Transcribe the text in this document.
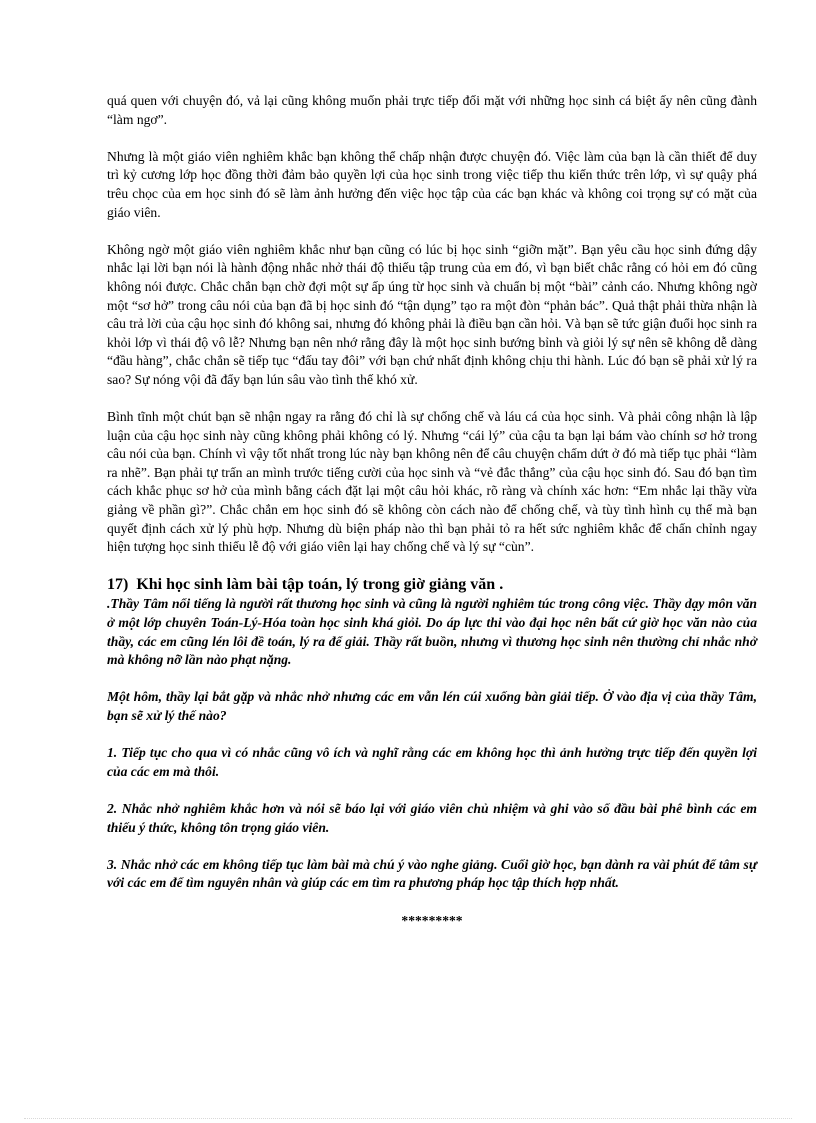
quá quen với chuyện đó, vả lại cũng không muốn phải trực tiếp đối mặt với những học sinh cá biệt ấy nên cũng đành “làm ngơ”.

Nhưng là một giáo viên nghiêm khắc bạn không thể chấp nhận được chuyện đó. Việc làm của bạn là cần thiết để duy trì kỷ cương lớp học đồng thời đảm bảo quyền lợi của học sinh trong việc tiếp thu kiến thức trên lớp, vì sự quậy phá trêu chọc của em học sinh đó sẽ làm ảnh hưởng đến việc học tập của các bạn khác và không coi trọng sự có mặt của giáo viên.

Không ngờ một giáo viên nghiêm khắc như bạn cũng có lúc bị học sinh “giỡn mặt”. Bạn yêu cầu học sinh đứng dậy nhắc lại lời bạn nói là hành động nhắc nhở thái độ thiếu tập trung của em đó, vì bạn biết chắc rằng có hỏi em đó cũng không nói được. Chắc chắn bạn chờ đợi một sự ấp úng từ học sinh và chuẩn bị một “bài” cảnh cáo. Nhưng không ngờ một “sơ hở” trong câu nói của bạn đã bị học sinh đó “tận dụng” tạo ra một đòn “phản bác”. Quả thật phải thừa nhận là câu trả lời của cậu học sinh đó không sai, nhưng đó không phải là điều bạn cần hỏi. Và bạn sẽ tức giận đuổi học sinh ra khỏi lớp vì thái độ vô lễ? Nhưng bạn nên nhớ rằng đây là một học sinh bướng bỉnh và giỏi lý sự nên sẽ không dễ dàng “đầu hàng”, chắc chắn sẽ tiếp tục “đấu tay đôi” với bạn chứ nhất định không chịu thi hành. Lúc đó bạn sẽ phải xử lý ra sao? Sự nóng vội đã đẩy bạn lún sâu vào tình thế khó xử.

Bình tĩnh một chút bạn sẽ nhận ngay ra rằng đó chỉ là sự chống chế và láu cá của học sinh. Và phải công nhận là lập luận của cậu học sinh này cũng không phải không có lý. Nhưng “cái lý” của cậu ta bạn lại bám vào chính sơ hở trong câu nói của bạn. Chính vì vậy tốt nhất trong lúc này bạn không nên để câu chuyện chấm dứt ở đó mà tiếp tục phải “làm ra nhẽ”. Bạn phải tự trấn an mình trước tiếng cười của học sinh và “vẻ đắc thắng” của cậu học sinh đó. Sau đó bạn tìm cách khắc phục sơ hở của mình bằng cách đặt lại một câu hỏi khác, rõ ràng và chính xác hơn: “Em nhắc lại thầy vừa giảng về phần gì?”. Chắc chắn em học sinh đó sẽ không còn cách nào để chống chế, và tùy tình hình cụ thể mà bạn quyết định cách xử lý phù hợp. Nhưng dù biện pháp nào thì bạn phải tỏ ra hết sức nghiêm khắc để chấn chỉnh ngay hiện tượng học sinh thiếu lễ độ với giáo viên lại hay chống chế và lý sự “cùn”.

17) Khi học sinh làm bài tập toán, lý trong giờ giảng văn .

.Thầy Tâm nổi tiếng là người rất thương học sinh và cũng là người nghiêm túc trong công việc. Thầy dạy môn văn ở một lớp chuyên Toán-Lý-Hóa toàn học sinh khá giỏi. Do áp lực thi vào đại học nên bất cứ giờ học văn nào của thầy, các em cũng lén lôi đề toán, lý ra để giải. Thầy rất buồn, nhưng vì thương học sinh nên thường chỉ nhắc nhở mà không nỡ lần nào phạt nặng.

Một hôm, thầy lại bắt gặp và nhắc nhở nhưng các em vẫn lén cúi xuống bàn giải tiếp. Ở vào địa vị của thầy Tâm, bạn sẽ xử lý thế nào?

1. Tiếp tục cho qua vì có nhắc cũng vô ích và nghĩ rằng các em không học thì ảnh hưởng trực tiếp đến quyền lợi của các em mà thôi.

2. Nhắc nhở nghiêm khắc hơn và nói sẽ báo lại với giáo viên chủ nhiệm và ghi vào sổ đầu bài phê bình các em thiếu ý thức, không tôn trọng giáo viên.

3. Nhắc nhở các em không tiếp tục làm bài mà chú ý vào nghe giảng. Cuối giờ học, bạn dành ra vài phút để tâm sự với các em để tìm nguyên nhân và giúp các em tìm ra phương pháp học tập thích hợp nhất.

*********
